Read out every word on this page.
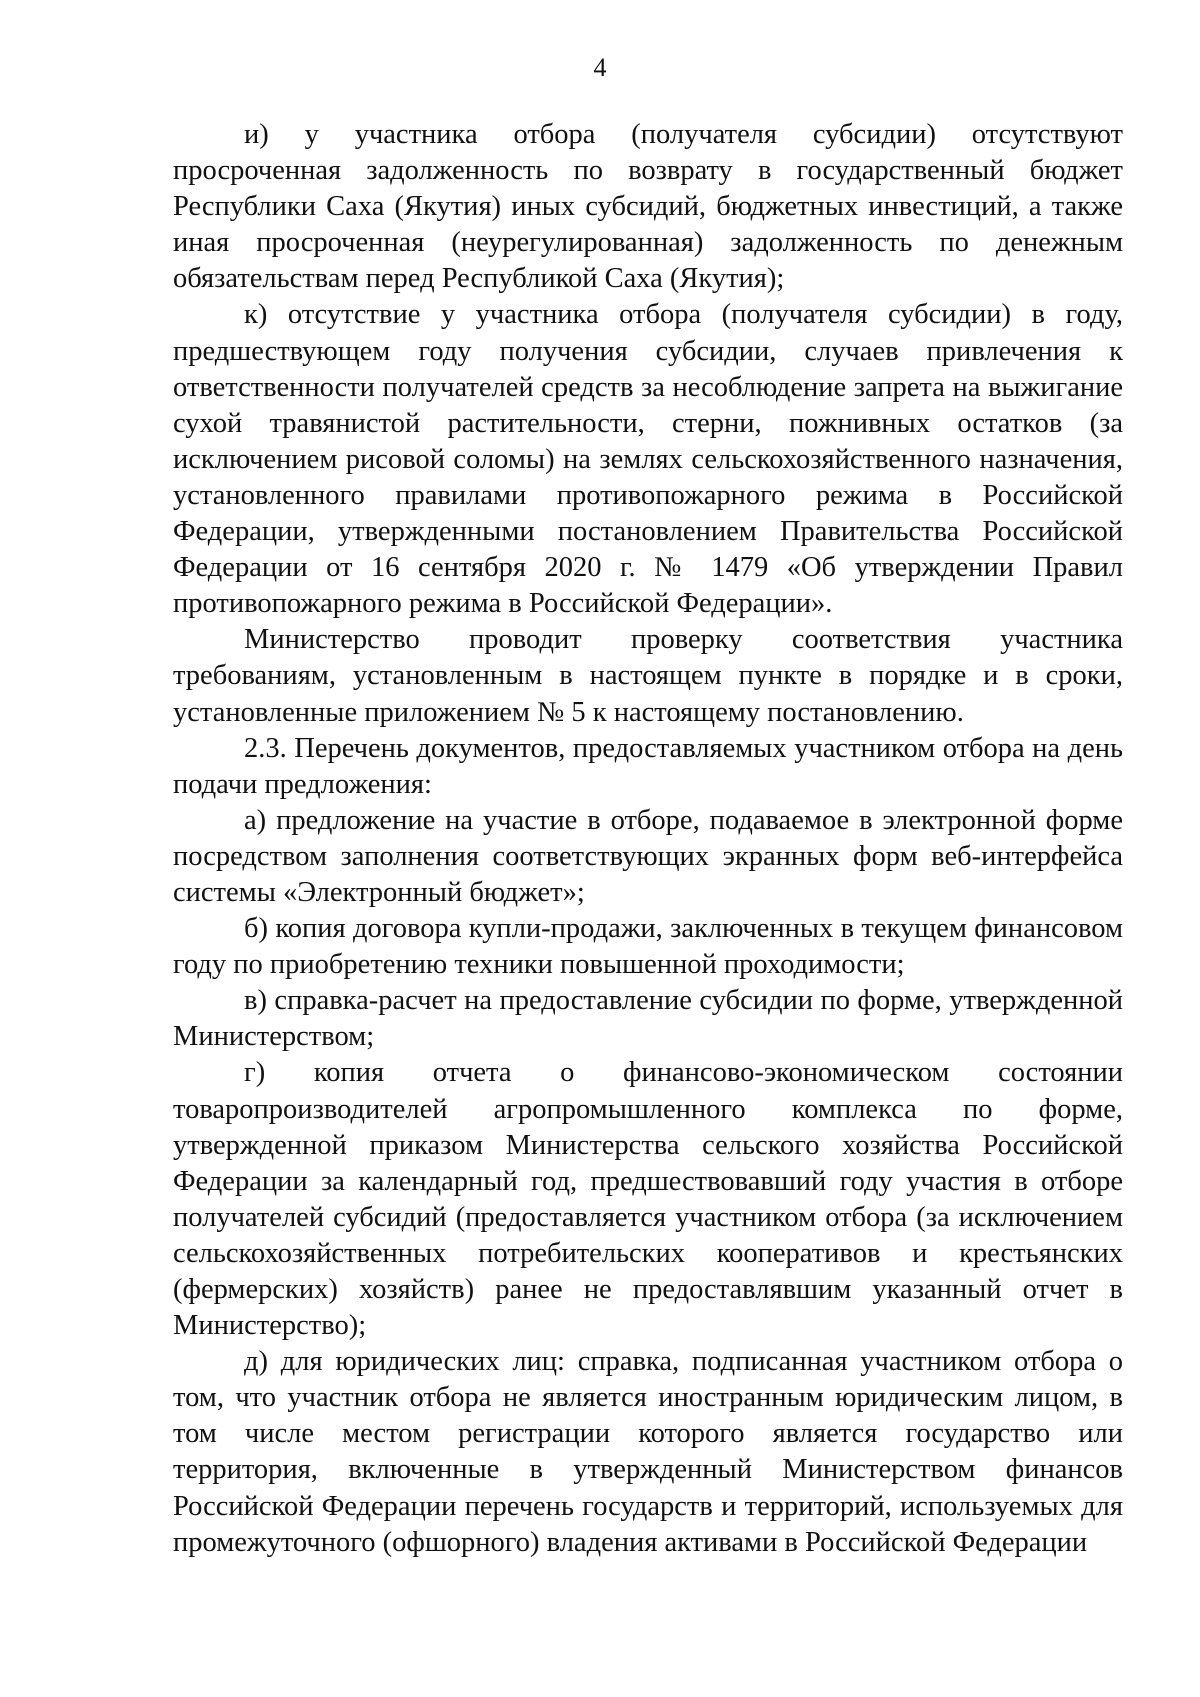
4

и) у участника отбора (получателя субсидии) отсутствуют просроченная задолженность по возврату в государственный бюджет Республики Саха (Якутия) иных субсидий, бюджетных инвестиций, а также иная просроченная (неурегулированная) задолженность по денежным обязательствам перед Республикой Саха (Якутия);

к) отсутствие у участника отбора (получателя субсидии) в году, предшествующем году получения субсидии, случаев привлечения к ответственности получателей средств за несоблюдение запрета на выжигание сухой травянистой растительности, стерни, пожнивных остатков (за исключением рисовой соломы) на землях сельскохозяйственного назначения, установленного правилами противопожарного режима в Российской Федерации, утвержденными постановлением Правительства Российской Федерации от 16 сентября 2020 г. № 1479 «Об утверждении Правил противопожарного режима в Российской Федерации».

Министерство проводит проверку соответствия участника требованиям, установленным в настоящем пункте в порядке и в сроки, установленные приложением № 5 к настоящему постановлению.

2.3. Перечень документов, предоставляемых участником отбора на день подачи предложения:

а) предложение на участие в отборе, подаваемое в электронной форме посредством заполнения соответствующих экранных форм веб-интерфейса системы «Электронный бюджет»;

б) копия договора купли-продажи, заключенных в текущем финансовом году по приобретению техники повышенной проходимости;

в) справка-расчет на предоставление субсидии по форме, утвержденной Министерством;

г) копия отчета о финансово-экономическом состоянии товаропроизводителей агропромышленного комплекса по форме, утвержденной приказом Министерства сельского хозяйства Российской Федерации за календарный год, предшествовавший году участия в отборе получателей субсидий (предоставляется участником отбора (за исключением сельскохозяйственных потребительских кооперативов и крестьянских (фермерских) хозяйств) ранее не предоставлявшим указанный отчет в Министерство);

д) для юридических лиц: справка, подписанная участником отбора о том, что участник отбора не является иностранным юридическим лицом, в том числе местом регистрации которого является государство или территория, включенные в утвержденный Министерством финансов Российской Федерации перечень государств и территорий, используемых для промежуточного (офшорного) владения активами в Российской Федерации
